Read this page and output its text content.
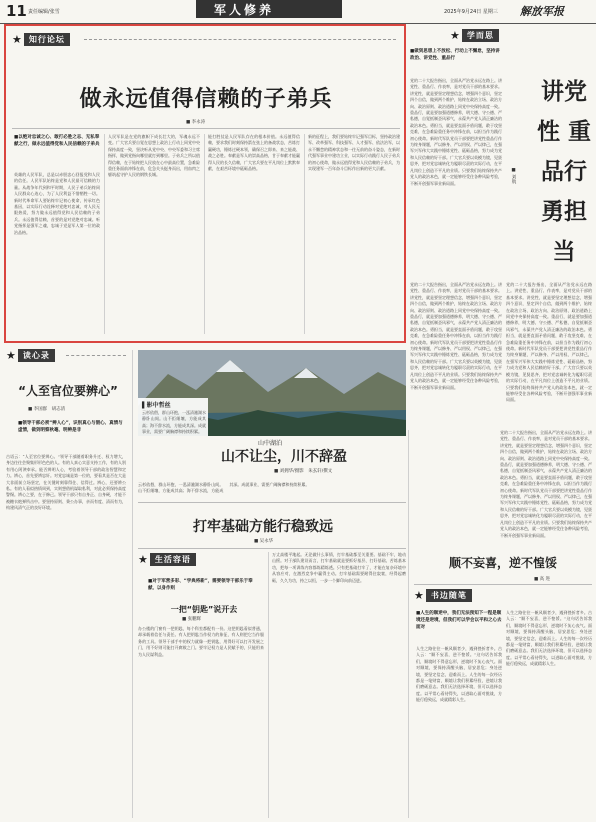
11 责任编辑/张雪	军人修养	2025年9月24日 星期三 解放军报
★ 知行论坛
做永远值得信赖的子弟兵
■ 李永涛
■以绝对忠诚之心、敢打必胜之志、无私奉献之行，做永远值得党和人民信赖的子弟兵
英雄的人民军队，总是以赤胆忠心回报党和人民的信任。人民军队始终是党和人民最可信赖的力量。从战争年代到和平时期，人民子弟兵始终同人民群众心连心，为了人民利益不惜牺牲一切。新时代革命军人要始终牢记初心使命，传承红色基因，以实际行动诠释对党绝对忠诚，对人民无限热爱，努力做永远值得党和人民信赖的子弟兵。永远值得信赖，首要的是对党绝对忠诚。听党指挥是强军之魂，忠诚于党是军人第一位的政治品格。
人民军队是在党的旗帜下成长壮大的，军魂永远不变。广大官兵要自觉在思想上政治上行动上同党中央保持高度一致，坚决听从党中央、中央军委和习主席指挥，做到党指向哪里就打到哪里。子弟兵之所以值得信赖，在于始终把人民放在心中最高位置，急难险重任务面前冲锋在前，危急关头挺身而出，用血肉之躯筑起守护人民的钢铁长城。
能打胜仗是人民军队存在的根本价值。永远值得信赖，要求我们时刻保持箭在弦上的备战状态，苦练打赢硬功，锤炼过硬本领，确保召之即来、来之能战、战之必胜。奉献是军人的崇高品格，甘于奉献才能赢得人民的长久信赖，广大官兵要在平凡岗位上默默奉献，在艰苦环境中砥砺品格。
新的征程上，我们要始终牢记强军目标，坚持政治建军、改革强军、科技强军、人才强军、依法治军，以永不懈怠的精神状态和一往无前的奋斗姿态，在新时代强军事业中建功立业，以实际行动践行人民子弟兵的初心使命，做永远值得党和人民信赖的子弟兵，为实现建军一百年奋斗目标作出新的更大贡献。
★ 学而思
■做到思想上不放松、行动上不懈怠，坚持讲政治、讲党性、重品行
党的二十大报告指出，全面从严治党永远在路上。讲党性、重品行、作表率，是对党员干部的基本要求。讲党性，就是要坚定理想信念，增强四个意识，坚定四个自信，做到两个维护，始终在政治立场、政治方向、政治原则、政治道路上同党中央保持高度一致。重品行，就是要加强道德修养，明大德、守公德、严私德，自觉抵制歪风邪气，永葆共产党人清正廉洁的政治本色。勇担当，就是要直面矛盾问题，敢于攻坚克难，在急难险重任务中冲锋在前，以担当作为践行初心使命。新时代军队党员干部要把讲党性重品行作为终身课题，严以修身、严以用权、严以律己，在强军兴军伟大实践中锤炼党性、砥砺品格，努力成为党和人民信赖的好干部。广大官兵要以英模为镜，见贤思齐，把对党忠诚转化为履职尽责的实际行动，在平凡岗位上创造不平凡的业绩。只要我们始终保持共产党人的政治本色，就一定能够经受住各种风险考验，不断开创强军事业新局面。
讲党性 重品行 勇担当
■ 刘航
党的二十大报告指出，全面从严治党永远在路上。讲党性、重品行、作表率，是对党员干部的基本要求。讲党性，就是要坚定理想信念，增强四个意识，坚定四个自信，做到两个维护，始终在政治立场、政治方向、政治原则、政治道路上同党中央保持高度一致。重品行，就是要加强道德修养，明大德、守公德、严私德，自觉抵制歪风邪气，永葆共产党人清正廉洁的政治本色。勇担当，就是要直面矛盾问题，敢于攻坚克难，在急难险重任务中冲锋在前，以担当作为践行初心使命。新时代军队党员干部要把讲党性重品行作为终身课题，严以修身、严以用权、严以律己，在强军兴军伟大实践中锤炼党性、砥砺品格，努力成为党和人民信赖的好干部。广大官兵要以英模为镜，见贤思齐，把对党忠诚转化为履职尽责的实际行动，在平凡岗位上创造不平凡的业绩。只要我们始终保持共产党人的政治本色，就一定能够经受住各种风险考验，不断开创强军事业新局面。
党的二十大报告指出，全面从严治党永远在路上。讲党性、重品行、作表率，是对党员干部的基本要求。讲党性，就是要坚定理想信念，增强四个意识，坚定四个自信，做到两个维护，始终在政治立场、政治方向、政治原则、政治道路上同党中央保持高度一致。重品行，就是要加强道德修养，明大德、守公德、严私德，自觉抵制歪风邪气，永葆共产党人清正廉洁的政治本色。勇担当，就是要直面矛盾问题，敢于攻坚克难，在急难险重任务中冲锋在前，以担当作为践行初心使命。新时代军队党员干部要把讲党性重品行作为终身课题，严以修身、严以用权、严以律己，在强军兴军伟大实践中锤炼党性、砥砺品格，努力成为党和人民信赖的好干部。广大官兵要以英模为镜，见贤思齐，把对党忠诚转化为履职尽责的实际行动，在平凡岗位上创造不平凡的业绩。只要我们始终保持共产党人的政治本色，就一定能够经受住各种风险考验，不断开创强军事业新局面。
★ 读心录
“人至官位要辨心”
■ 李国群　胡志清
■领导干部必须“辨人心”，识别真心与假心、真情与虚情，做到明察秋毫、明辨是非
古语云：“人至官位要辨心。”领导干部随着职务升迁、权力增大，身边往往会聚集形形色色的人。有的人真心实意支持工作，有的人别有用心阿谀奉承。能否辨明人心，考验着领导干部的政治智慧和定力。辨心，首先要辨忠奸。对党忠诚是第一位的，要看其是否在大是大非面前立场坚定，在关键时刻靠得住、信得过。辨心，还要辨公私。有的人看似热情周到，实则想借机谋取私利，对此必须保持高度警惕。辨心之要，在于修己。领导干部只有自身正、自身硬，才能不被糖衣炮弹所击中。要坚持原则、秉公办事，亲而有度、清而有为，构建风清气正的良好环境。
▌影中哲丝
云杉依偎，群山环抱，一泓清澈湖水静卧山间。山不拒细壤，方能成其高；海不辞水流，方能成其深。成就事业，需要广阔胸襟和持续积累。
山中湖泊
山不让尘，川不辞盈
■ 刘拥华/摄影　朱玄轩/撰文
云杉依偎，群山环抱，一泓清澈湖水静卧山间。山不拒细壤，方能成其高；海不辞水流，方能成其深。成就事业，需要广阔胸襟和持续积累。
打牢基础方能行稳致远
■ 吴永华
★ 生活容语
■对于军营多彩、“学典将新”，需要领导干部乐于奉献、以身作则
一把“钥匙”说开去
■ 张鹏辉
办公楼的门窗有一把钥匙，每个科室都配有一份。这把钥匙看似普通，却承载着信任与责任。有人把钥匙当作权力的象征，有人则把它当作服务的工具。领导干部手中的权力就像一把钥匙，用得好可以打开发展之门，用不好则可能打开腐败之门。要牢记权力是人民赋予的，只能用来为人民谋利益。
万丈高楼平地起。无论做什么事情，打牢基础都至关重要。基础不牢，地动山摇。对于部队建设而言，打牢基础就是要抓好基层、打好基础、苦练基本功，把每一项训练内容都练精练透。只有把基础打牢了，才能在复杂环境中从容应对，在激烈竞争中赢得主动。打牢基础需要耐得住寂寞，经得起磨砺，久久为功，持之以恒，一步一个脚印向前迈进。
顺不妄喜，逆不惶馁
■ 高 进
党的二十大报告指出，全面从严治党永远在路上。讲党性、重品行、作表率，是对党员干部的基本要求。讲党性，就是要坚定理想信念，增强四个意识，坚定四个自信，做到两个维护，始终在政治立场、政治方向、政治原则、政治道路上同党中央保持高度一致。重品行，就是要加强道德修养，明大德、守公德、严私德，自觉抵制歪风邪气，永葆共产党人清正廉洁的政治本色。勇担当，就是要直面矛盾问题，敢于攻坚克难，在急难险重任务中冲锋在前，以担当作为践行初心使命。新时代军队党员干部要把讲党性重品行作为终身课题，严以修身、严以用权、严以律己，在强军兴军伟大实践中锤炼党性、砥砺品格，努力成为党和人民信赖的好干部。广大官兵要以英模为镜，见贤思齐，把对党忠诚转化为履职尽责的实际行动，在平凡岗位上创造不平凡的业绩。只要我们始终保持共产党人的政治本色，就一定能够经受住各种风险考验，不断开创强军事业新局面。
★ 书边随笔
■人生的顺逆中，我们无法预知下一程是顺境还是逆境，但我们可以学会以平和之心去面对
人生之路往往一帆风顺者少，遇到挫折者多。古人云：“顺不妄喜，逆不惶馁。”这句话告诉我们，顺境时不得意忘形，逆境时不灰心丧气。面对顺境，要保持清醒头脑，居安思危；身处逆境，要坚定信念，迎难而上。人生的每一次经历都是一笔财富，顺境让我们积累经验，逆境让我们磨砺意志。我们无法选择环境，但可以选择态度。以平常心看待得失，以进取心面对挑战，方能行稳致远，成就精彩人生。
人生之路往往一帆风顺者少，遇到挫折者多。古人云：“顺不妄喜，逆不惶馁。”这句话告诉我们，顺境时不得意忘形，逆境时不灰心丧气。面对顺境，要保持清醒头脑，居安思危；身处逆境，要坚定信念，迎难而上。人生的每一次经历都是一笔财富，顺境让我们积累经验，逆境让我们磨砺意志。我们无法选择环境，但可以选择态度。以平常心看待得失，以进取心面对挑战，方能行稳致远，成就精彩人生。
